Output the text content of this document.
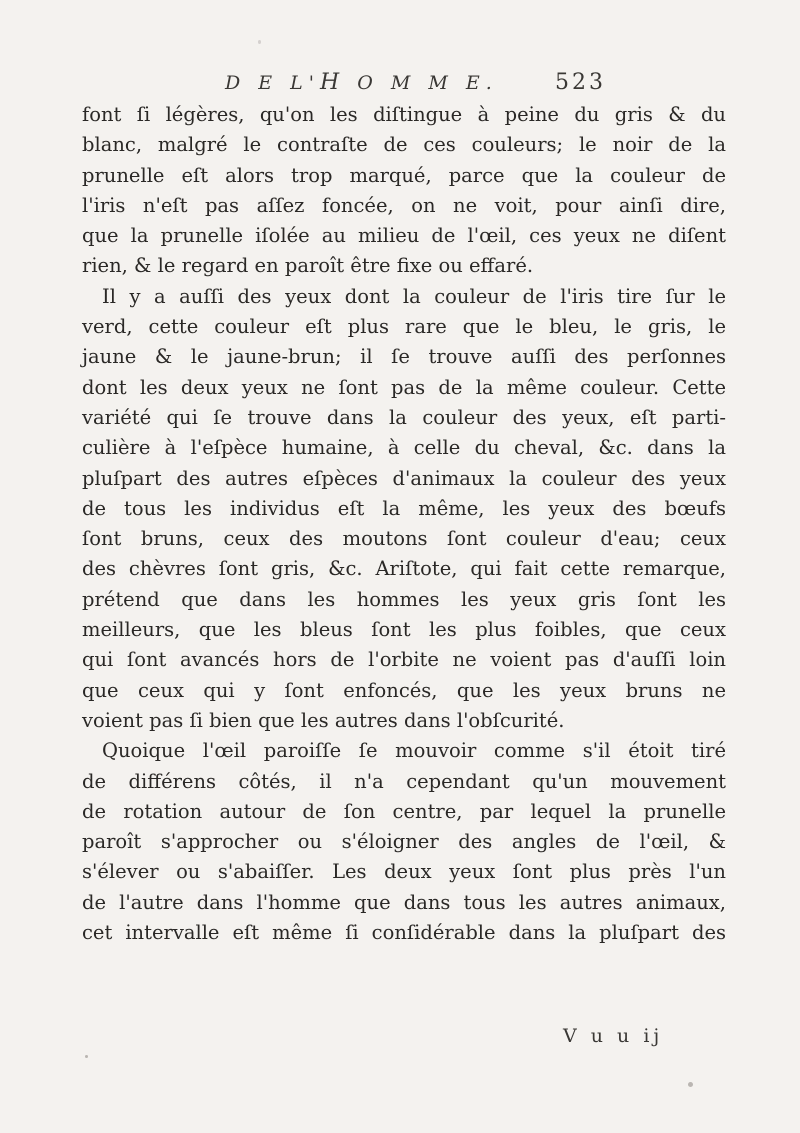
D E L'H O M M E.	523
font ſi légères, qu'on les diſtingue à peine du gris & du
blanc, malgré le contraſte de ces couleurs; le noir de la
prunelle eſt alors trop marqué, parce que la couleur de
l'iris n'eſt pas aſſez foncée, on ne voit, pour ainſi dire,
que la prunelle iſolée au milieu de l'œil, ces yeux ne diſent
rien, & le regard en paroît être fixe ou effaré.
Il y a auſſi des yeux dont la couleur de l'iris tire ſur le
verd, cette couleur eſt plus rare que le bleu, le gris, le
jaune & le jaune-brun; il ſe trouve auſſi des perſonnes
dont les deux yeux ne ſont pas de la même couleur. Cette
variété qui ſe trouve dans la couleur des yeux, eſt parti-
culière à l'eſpèce humaine, à celle du cheval, &c. dans la
pluſpart des autres eſpèces d'animaux la couleur des yeux
de tous les individus eſt la même, les yeux des bœufs
ſont bruns, ceux des moutons ſont couleur d'eau; ceux
des chèvres ſont gris, &c. Ariſtote, qui fait cette remarque,
prétend que dans les hommes les yeux gris ſont les
meilleurs, que les bleus ſont les plus foibles, que ceux
qui ſont avancés hors de l'orbite ne voient pas d'auſſi loin
que ceux qui y ſont enfoncés, que les yeux bruns ne
voient pas ſi bien que les autres dans l'obſcurité.
Quoique l'œil paroiſſe ſe mouvoir comme s'il étoit tiré
de différens côtés, il n'a cependant qu'un mouvement
de rotation autour de ſon centre, par lequel la prunelle
paroît s'approcher ou s'éloigner des angles de l'œil, &
s'élever ou s'abaiſſer. Les deux yeux ſont plus près l'un
de l'autre dans l'homme que dans tous les autres animaux,
cet intervalle eſt même ſi conſidérable dans la pluſpart des
V u u ij
